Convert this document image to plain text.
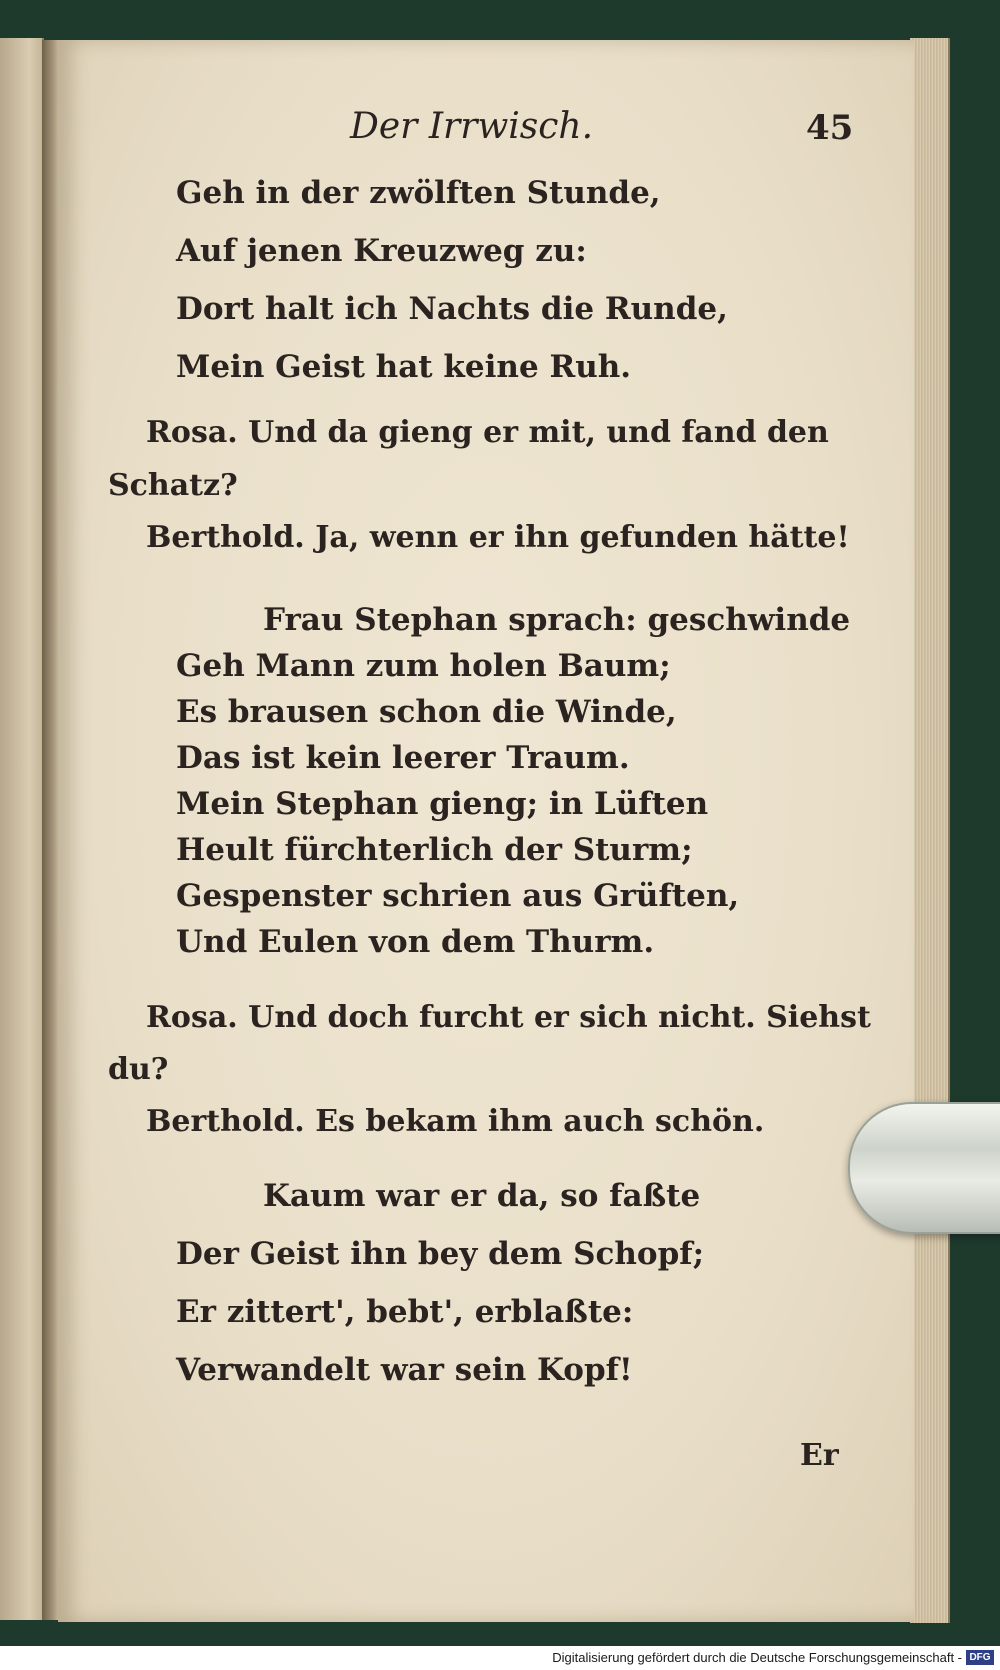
Der Irrwisch.	45

Geh in der zwölften Stunde,

Auf jenen Kreuzweg zu:

Dort halt ich Nachts die Runde,

Mein Geist hat keine Ruh.

Rosa. Und da gieng er mit, und fand den

Schatz?

Berthold. Ja, wenn er ihn gefunden hätte!

Frau Stephan sprach: geschwinde

Geh Mann zum holen Baum;

Es brausen schon die Winde,

Das ist kein leerer Traum.

Mein Stephan gieng; in Lüften

Heult fürchterlich der Sturm;

Gespenster schrien aus Grüften,

Und Eulen von dem Thurm.

Rosa. Und doch furcht er sich nicht. Siehst

du?

Berthold. Es bekam ihm auch schön.

Kaum war er da, so faßte

Der Geist ihn bey dem Schopf;

Er zittert', bebt', erblaßte:

Verwandelt war sein Kopf!

Er

Digitalisierung gefördert durch die Deutsche Forschungsgemeinschaft - DFG
